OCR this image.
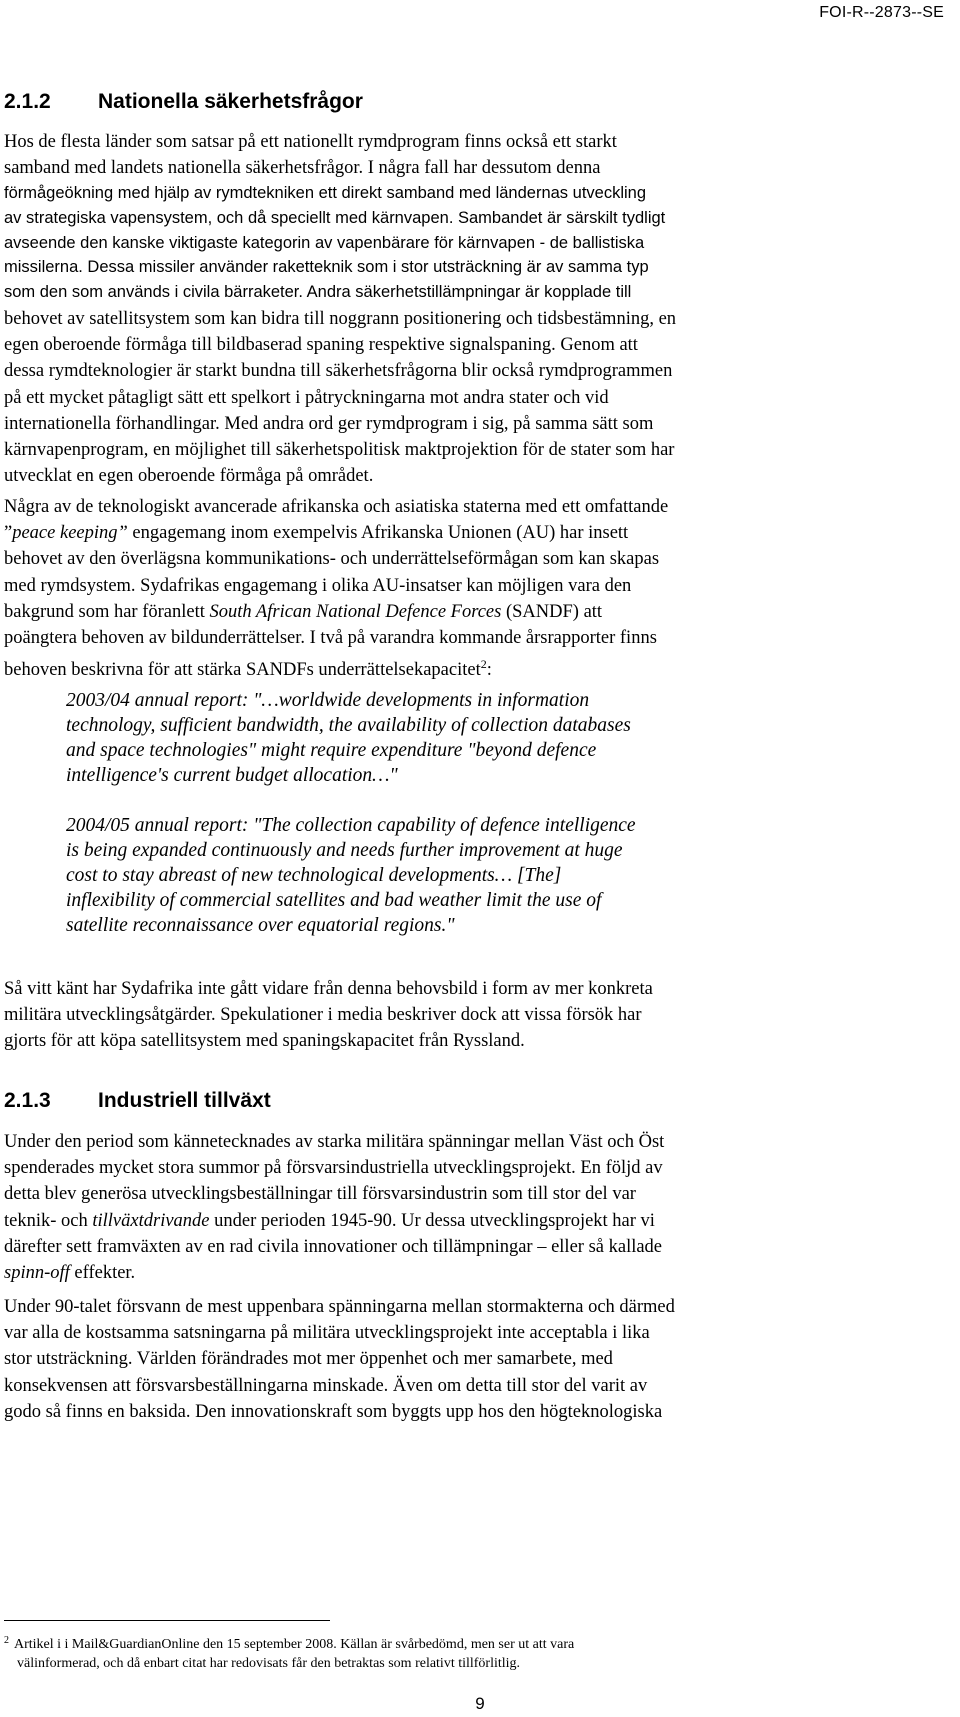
FOI-R--2873--SE
2.1.2 Nationella säkerhetsfrågor

Hos de flesta länder som satsar på ett nationellt rymdprogram finns också ett starkt
samband med landets nationella säkerhetsfrågor. I några fall har dessutom denna

förmågeökning med hjälp av rymdtekniken ett direkt samband med ländernas utveckling
av strategiska vapensystem, och då speciellt med kärnvapen. Sambandet är särskilt tydligt
avseende den kanske viktigaste kategorin av vapenbärare för kärnvapen - de ballistiska
missilerna. Dessa missiler använder raketteknik som i stor utsträckning är av samma typ
som den som används i civila bärraketer. Andra säkerhetstillämpningar är kopplade till

behovet av satellitsystem som kan bidra till noggrann positionering och tidsbestämning, en
egen oberoende förmåga till bildbaserad spaning respektive signalspaning. Genom att
dessa rymdteknologier är starkt bundna till säkerhetsfrågorna blir också rymdprogrammen
på ett mycket påtagligt sätt ett spelkort i påtryckningarna mot andra stater och vid
internationella förhandlingar. Med andra ord ger rymdprogram i sig, på samma sätt som
kärnvapenprogram, en möjlighet till säkerhetspolitisk maktprojektion för de stater som har
utvecklat en egen oberoende förmåga på området.

Några av de teknologiskt avancerade afrikanska och asiatiska staterna med ett omfattande
”peace keeping” engagemang inom exempelvis Afrikanska Unionen (AU) har insett
behovet av den överlägsna kommunikations- och underrättelseförmågan som kan skapas
med rymdsystem. Sydafrikas engagemang i olika AU-insatser kan möjligen vara den
bakgrund som har föranlett South African National Defence Forces (SANDF) att
poängtera behoven av bildunderrättelser. I två på varandra kommande årsrapporter finns
behoven beskrivna för att stärka SANDFs underrättelsekapacitet$^2$:

2003/04 annual report: "…worldwide developments in information
technology, sufficient bandwidth, the availability of collection databases
and space technologies" might require expenditure "beyond defence
intelligence's current budget allocation…"
2004/05 annual report: "The collection capability of defence intelligence
is being expanded continuously and needs further improvement at huge
cost to stay abreast of new technological developments… [The]
inflexibility of commercial satellites and bad weather limit the use of
satellite reconnaissance over equatorial regions."

Så vitt känt har Sydafrika inte gått vidare från denna behovsbild i form av mer konkreta
militära utvecklingsåtgärder. Spekulationer i media beskriver dock att vissa försök har
gjorts för att köpa satellitsystem med spaningskapacitet från Ryssland.

2.1.3 Industriell tillväxt

Under den period som kännetecknades av starka militära spänningar mellan Väst och Öst
spenderades mycket stora summor på försvarsindustriella utvecklingsprojekt. En följd av
detta blev generösa utvecklingsbeställningar till försvarsindustrin som till stor del var
teknik- och tillväxtdrivande under perioden 1945-90. Ur dessa utvecklingsprojekt har vi
därefter sett framväxten av en rad civila innovationer och tillämpningar – eller så kallade
spinn-off effekter.

Under 90-talet försvann de mest uppenbara spänningarna mellan stormakterna och därmed
var alla de kostsamma satsningarna på militära utvecklingsprojekt inte acceptabla i lika
stor utsträckning. Världen förändrades mot mer öppenhet och mer samarbete, med
konsekvensen att försvarsbeställningarna minskade. Även om detta till stor del varit av
godo så finns en baksida. Den innovationskraft som byggts upp hos den högteknologiska

$^2$ Artikel i i Mail&GuardianOnline den 15 september 2008. Källan är svårbedömd, men ser ut att vara
välinformerad, och då enbart citat har redovisats får den betraktas som relativt tillförlitlig.
9
